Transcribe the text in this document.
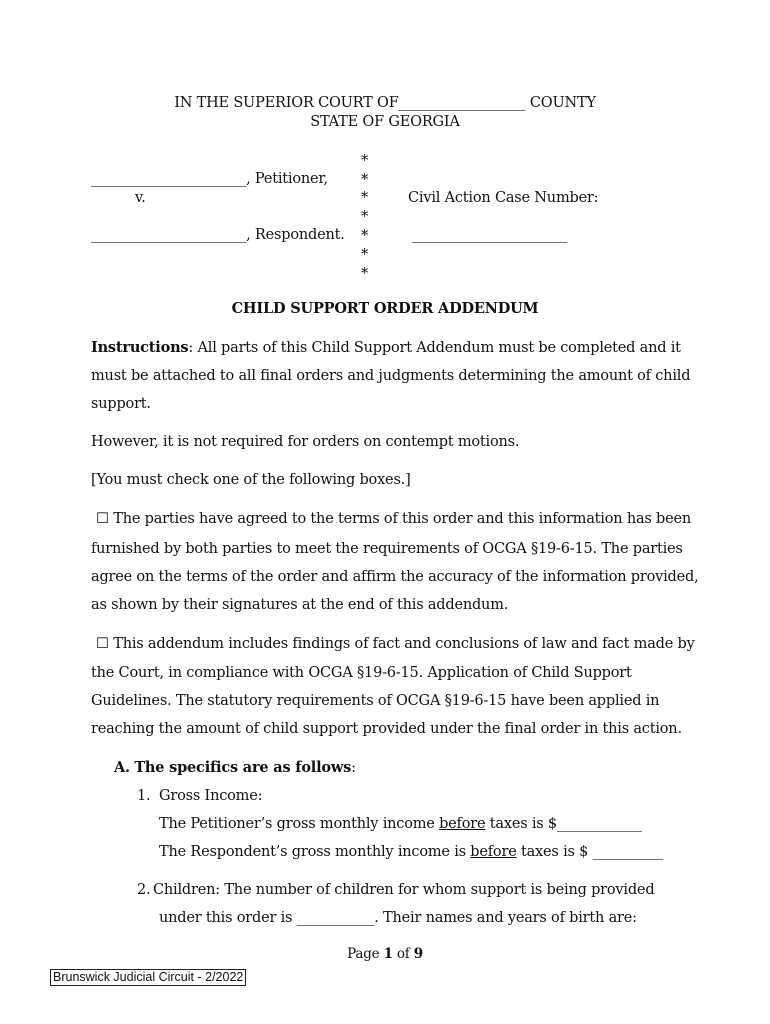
IN THE SUPERIOR COURT OF__________________ COUNTY
STATE OF GEORGIA
______________________, Petitioner,
v.
______________________, Respondent.
*
*
*
*
*
*
*
Civil Action Case Number:
______________________
CHILD SUPPORT ORDER ADDENDUM
Instructions: All parts of this Child Support Addendum must be completed and it
must be attached to all final orders and judgments determining the amount of child
support.
However, it is not required for orders on contempt motions.
[You must check one of the following boxes.]
☐ The parties have agreed to the terms of this order and this information has been
furnished by both parties to meet the requirements of OCGA §19-6-15. The parties
agree on the terms of the order and affirm the accuracy of the information provided,
as shown by their signatures at the end of this addendum.
☐ This addendum includes findings of fact and conclusions of law and fact made by
the Court, in compliance with OCGA §19-6-15. Application of Child Support
Guidelines. The statutory requirements of OCGA §19-6-15 have been applied in
reaching the amount of child support provided under the final order in this action.
A. The specifics are as follows:
1. Gross Income:
The Petitioner’s gross monthly income before taxes is $____________
The Respondent’s gross monthly income is before taxes is $ __________
2. Children: The number of children for whom support is being provided
under this order is ___________. Their names and years of birth are:
Page 1 of 9
Brunswick Judicial Circuit - 2/2022
